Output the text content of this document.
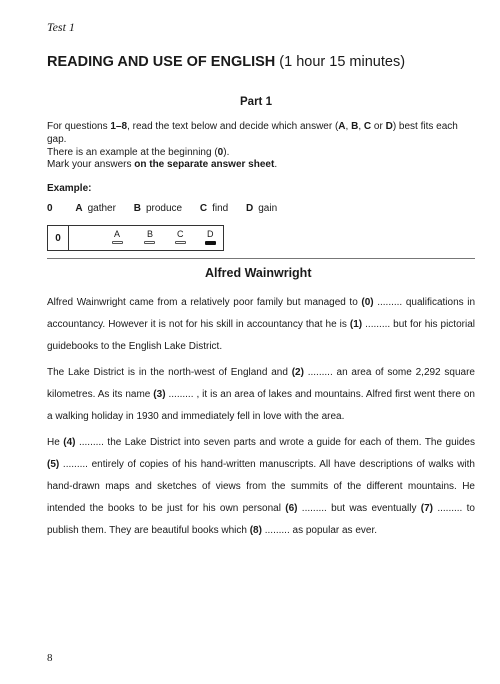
Test 1
READING AND USE OF ENGLISH (1 hour 15 minutes)
Part 1
For questions 1–8, read the text below and decide which answer (A, B, C or D) best fits each gap.
There is an example at the beginning (0).
Mark your answers on the separate answer sheet.
Example:
0 A gather B produce C find D gain
0	A	B	C	D
Alfred Wainwright
Alfred Wainwright came from a relatively poor family but managed to (0) ......... qualifications in accountancy. However it is not for his skill in accountancy that he is (1) ......... but for his pictorial guidebooks to the English Lake District.
The Lake District is in the north-west of England and (2) ......... an area of some 2,292 square kilometres. As its name (3) ......... , it is an area of lakes and mountains. Alfred first went there on a walking holiday in 1930 and immediately fell in love with the area.
He (4) ......... the Lake District into seven parts and wrote a guide for each of them. The guides (5) ......... entirely of copies of his hand-written manuscripts. All have descriptions of walks with hand-drawn maps and sketches of views from the summits of the different mountains. He intended the books to be just for his own personal (6) ......... but was eventually (7) ......... to publish them. They are beautiful books which (8) ......... as popular as ever.
8
